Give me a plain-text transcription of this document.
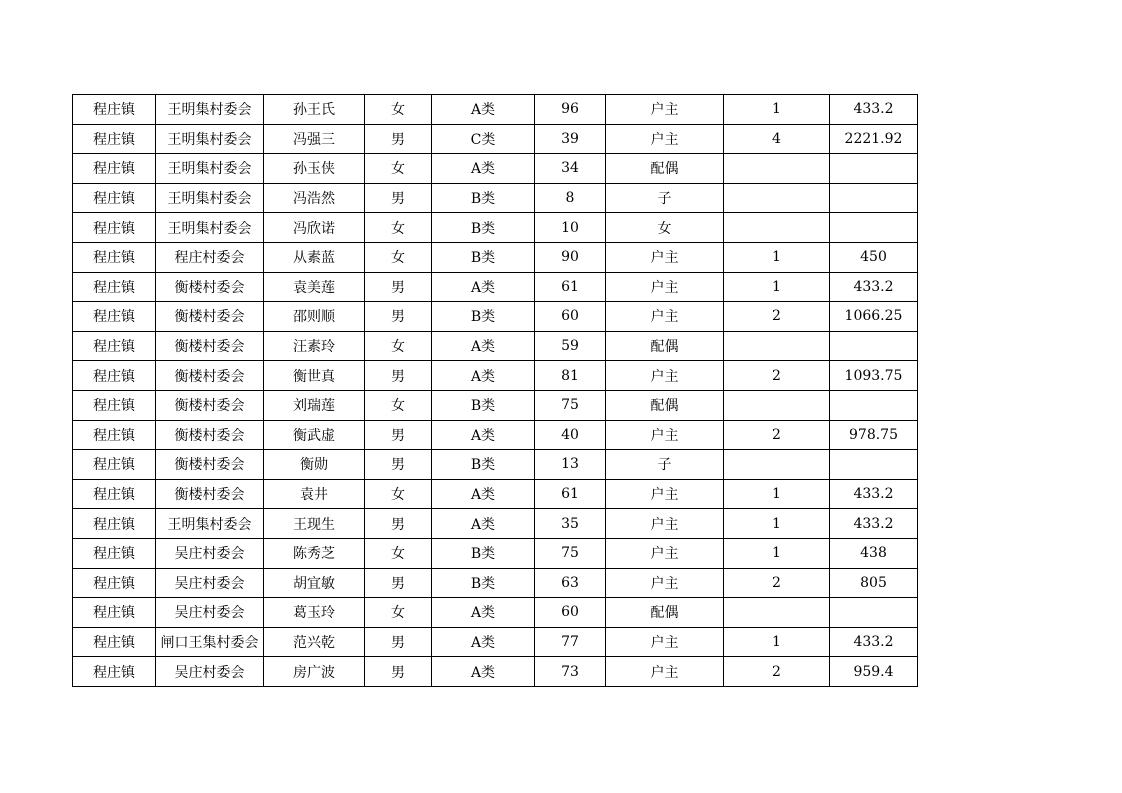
程庄镇	王明集村委会	孙王氏	女	A类	96	户主	1	433.2
程庄镇	王明集村委会	冯强三	男	C类	39	户主	4	2221.92
程庄镇	王明集村委会	孙玉侠	女	A类	34	配偶		
程庄镇	王明集村委会	冯浩然	男	B类	8	子		
程庄镇	王明集村委会	冯欣诺	女	B类	10	女		
程庄镇	程庄村委会	从素蓝	女	B类	90	户主	1	450
程庄镇	衡楼村委会	袁美莲	男	A类	61	户主	1	433.2
程庄镇	衡楼村委会	邵则顺	男	B类	60	户主	2	1066.25
程庄镇	衡楼村委会	汪素玲	女	A类	59	配偶		
程庄镇	衡楼村委会	衡世真	男	A类	81	户主	2	1093.75
程庄镇	衡楼村委会	刘瑞莲	女	B类	75	配偶		
程庄镇	衡楼村委会	衡武虚	男	A类	40	户主	2	978.75
程庄镇	衡楼村委会	衡勋	男	B类	13	子		
程庄镇	衡楼村委会	袁井	女	A类	61	户主	1	433.2
程庄镇	王明集村委会	王现生	男	A类	35	户主	1	433.2
程庄镇	吴庄村委会	陈秀芝	女	B类	75	户主	1	438
程庄镇	吴庄村委会	胡宜敏	男	B类	63	户主	2	805
程庄镇	吴庄村委会	葛玉玲	女	A类	60	配偶		
程庄镇	闸口王集村委会	范兴乾	男	A类	77	户主	1	433.2
程庄镇	吴庄村委会	房广波	男	A类	73	户主	2	959.4
